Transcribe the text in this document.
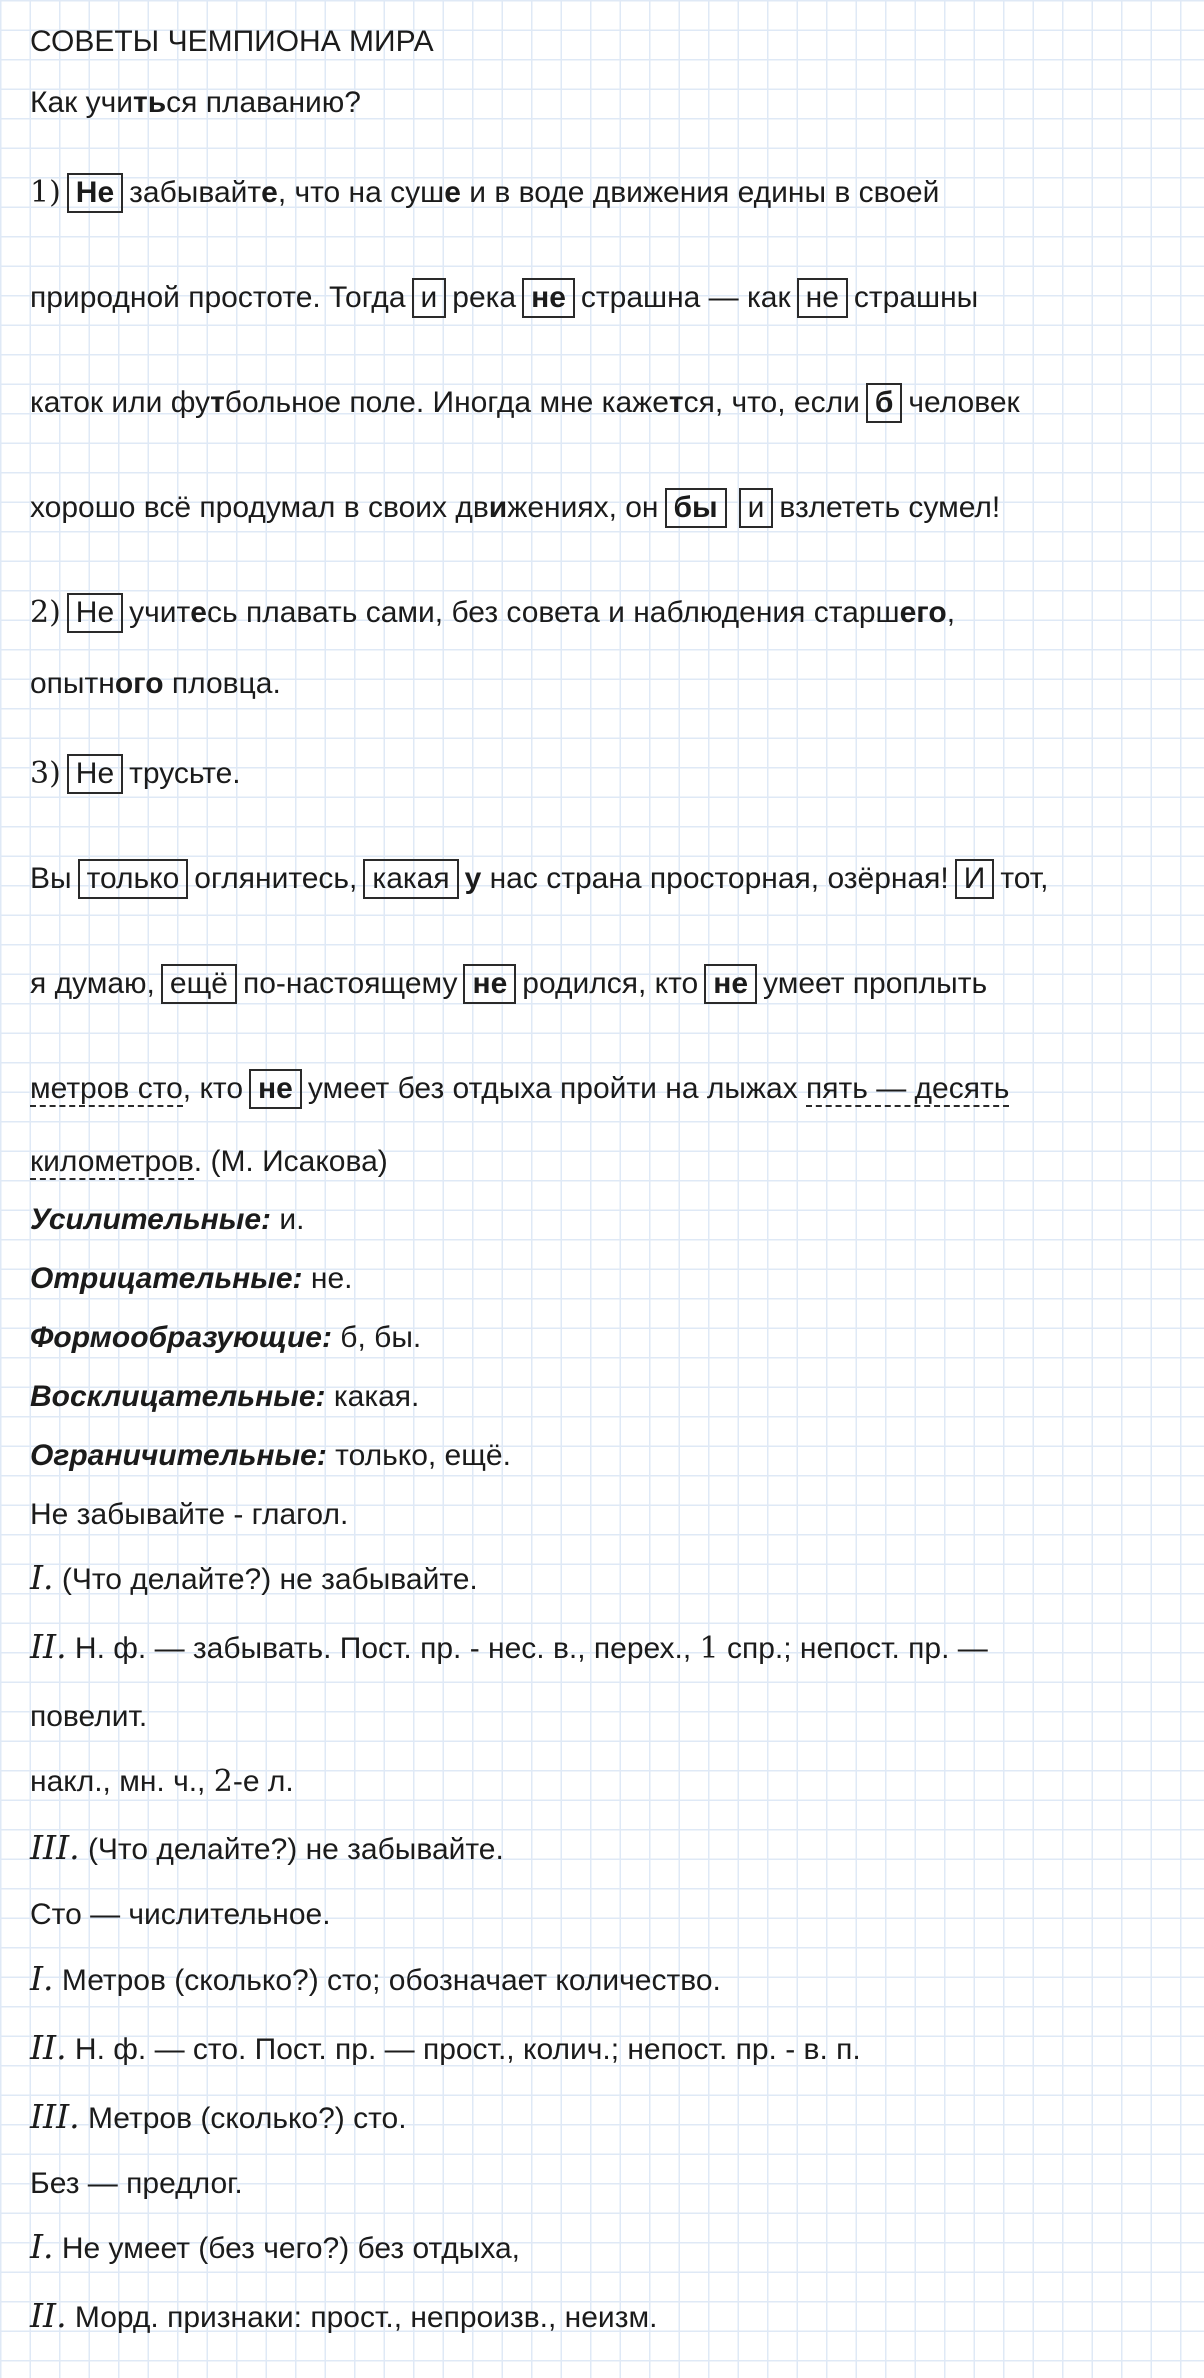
СОВЕТЫ ЧЕМПИОНА МИРА
Как учиться плаванию?
1) Не забывайте, что на суше и в воде движения едины в своей
природной простоте. Тогда и река не страшна — как не страшны
каток или футбольное поле. Иногда мне кажется, что, если б человек
хорошо всё продумал в своих движениях, он бы и взлететь сумел!
2) Не учитесь плавать сами, без совета и наблюдения старшего,
опытного пловца.
3) Не трусьте.
Вы только оглянитесь, какая у нас страна просторная, озёрная! И тот,
я думаю, ещё по-настоящему не родился, кто не умеет проплыть
метров сто, кто не умеет без отдыха пройти на лыжах пять — десять
километров. (М. Исакова)
Усилительные: и.
Отрицательные: не.
Формообразующие: б, бы.
Восклицательные: какая.
Ограничительные: только, ещё.
Не забывайте - глагол.
I. (Что делайте?) не забывайте.
II. Н. ф. — забывать. Пост. пр. - нес. в., перех., 1 спр.; непост. пр. —
повелит.
накл., мн. ч., 2-е л.
III. (Что делайте?) не забывайте.
Сто — числительное.
I. Метров (сколько?) сто; обозначает количество.
II. Н. ф. — сто. Пост. пр. — прост., колич.; непост. пр. - в. п.
III. Метров (сколько?) сто.
Без — предлог.
I. Не умеет (без чего?) без отдыха,
II. Морд. признаки: прост., непроизв., неизм.
